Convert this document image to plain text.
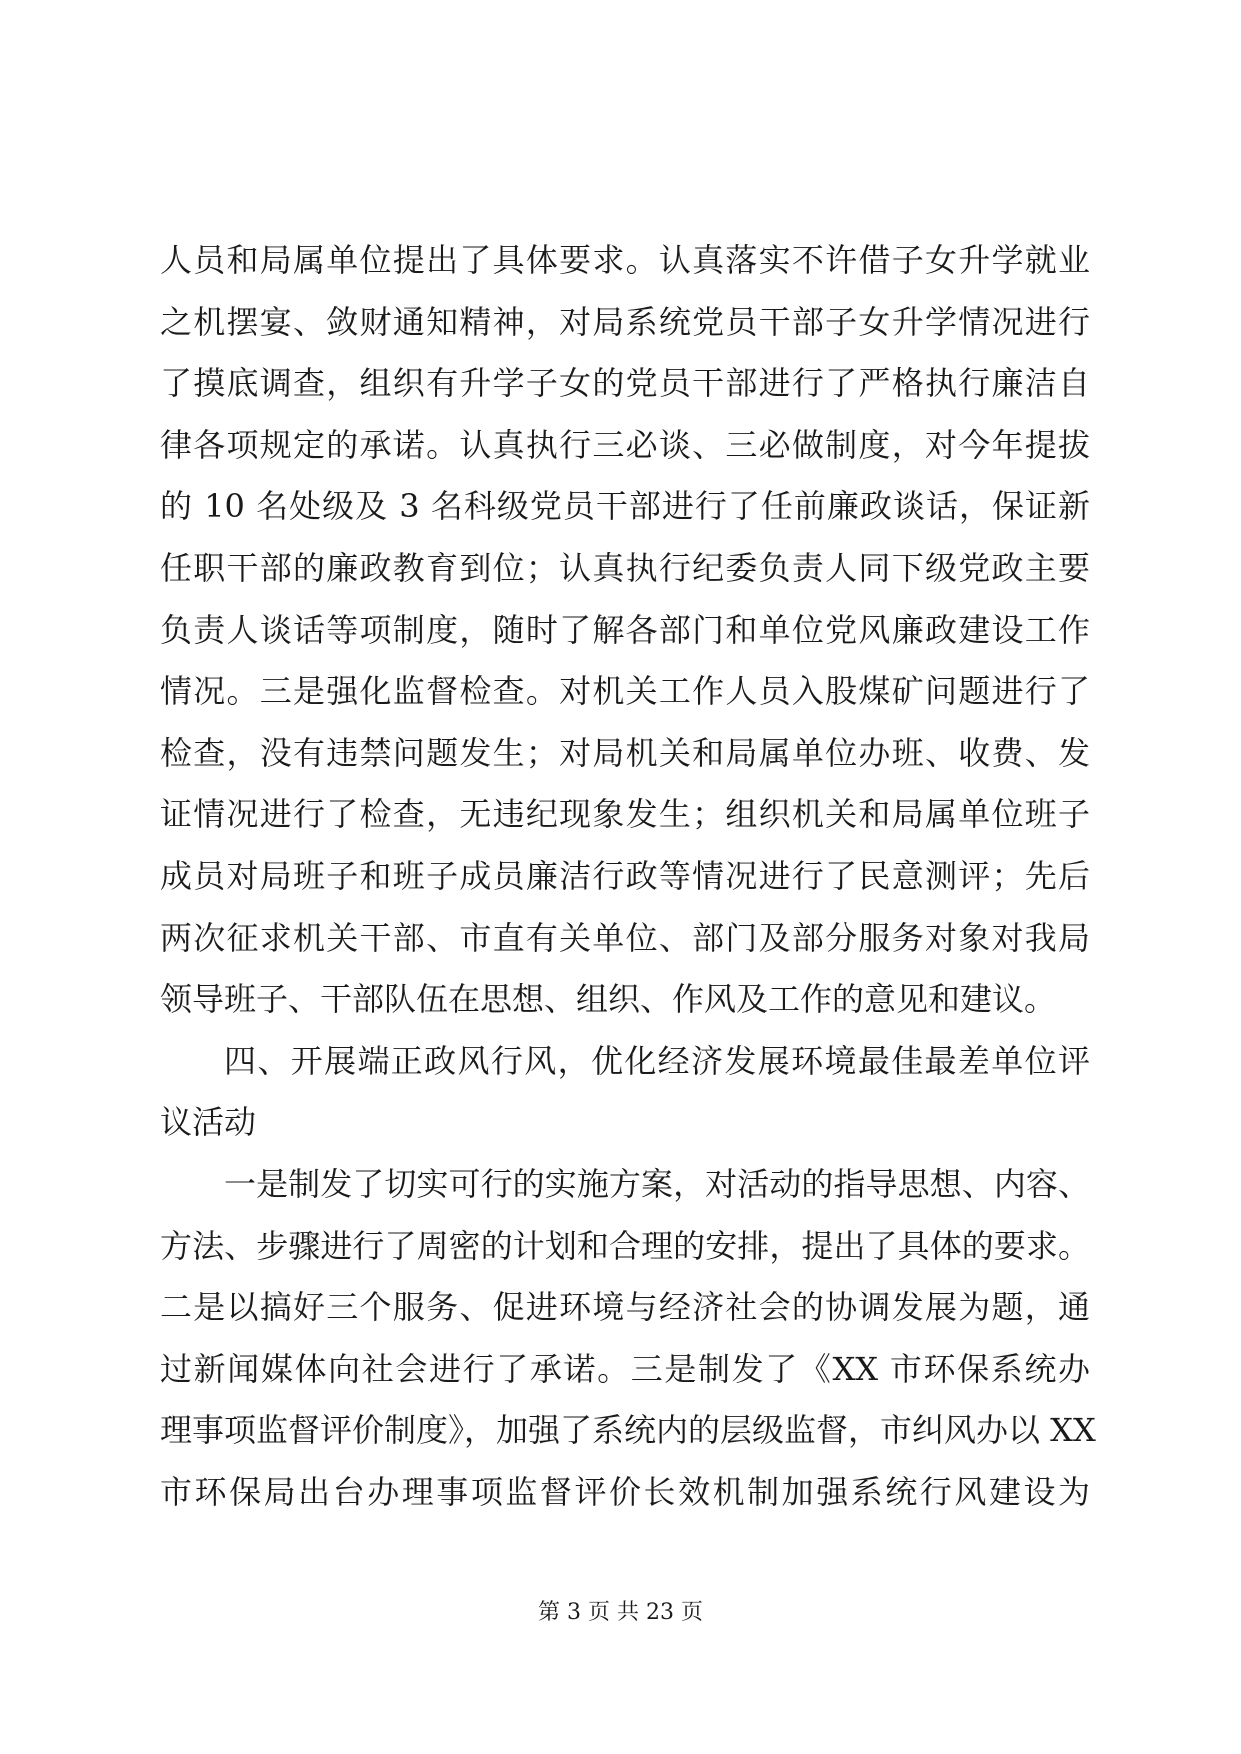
人员和局属单位提出了具体要求。认真落实不许借子女升学就业
之机摆宴、敛财通知精神，对局系统党员干部子女升学情况进行
了摸底调查，组织有升学子女的党员干部进行了严格执行廉洁自
律各项规定的承诺。认真执行三必谈、三必做制度，对今年提拔
的 10 名处级及 3 名科级党员干部进行了任前廉政谈话，保证新
任职干部的廉政教育到位；认真执行纪委负责人同下级党政主要
负责人谈话等项制度，随时了解各部门和单位党风廉政建设工作
情况。三是强化监督检查。对机关工作人员入股煤矿问题进行了
检查，没有违禁问题发生；对局机关和局属单位办班、收费、发
证情况进行了检查，无违纪现象发生；组织机关和局属单位班子
成员对局班子和班子成员廉洁行政等情况进行了民意测评；先后
两次征求机关干部、市直有关单位、部门及部分服务对象对我局
领导班子、干部队伍在思想、组织、作风及工作的意见和建议。
四、开展端正政风行风，优化经济发展环境最佳最差单位评
议活动
一是制发了切实可行的实施方案，对活动的指导思想、内容、
方法、步骤进行了周密的计划和合理的安排，提出了具体的要求。
二是以搞好三个服务、促进环境与经济社会的协调发展为题，通
过新闻媒体向社会进行了承诺。三是制发了《XX 市环保系统办
理事项监督评价制度》，加强了系统内的层级监督，市纠风办以 XX
市环保局出台办理事项监督评价长效机制加强系统行风建设为
第 3 页 共 23 页
